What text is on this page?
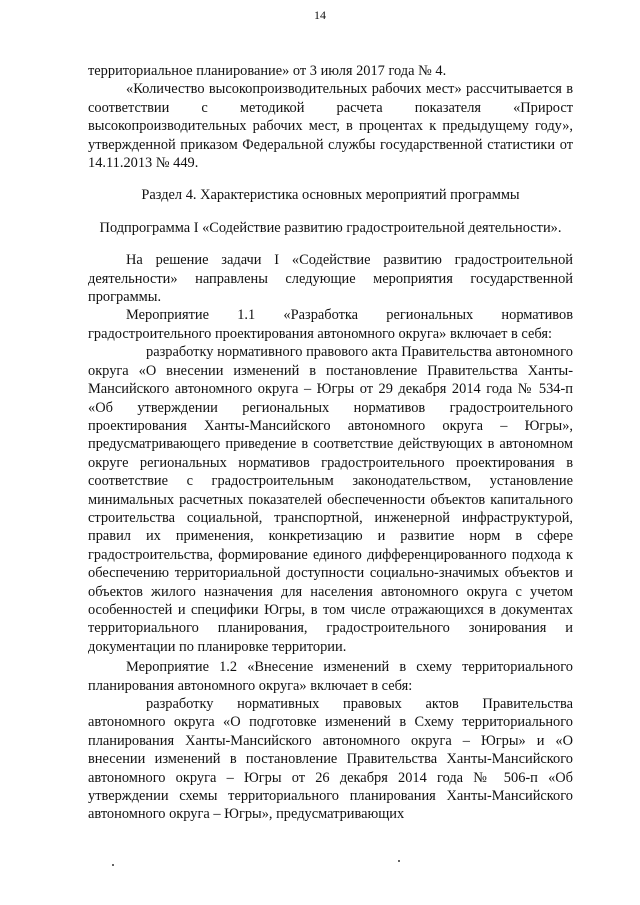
14

территориальное планирование» от 3 июля 2017 года № 4.

«Количество высокопроизводительных рабочих мест» рассчитывается в соответствии с методикой расчета показателя «Прирост высокопроизводительных рабочих мест, в процентах к предыдущему году», утвержденной приказом Федеральной службы государственной статистики от 14.11.2013 № 449.

Раздел 4. Характеристика основных мероприятий программы

Подпрограмма I «Содействие развитию градостроительной деятельности».

На решение задачи I «Содействие развитию градостроительной деятельности» направлены следующие мероприятия государственной программы.

Мероприятие 1.1 «Разработка региональных нормативов градостроительного проектирования автономного округа» включает в себя:

разработку нормативного правового акта Правительства автономного округа «О внесении изменений в постановление Правительства Ханты-Мансийского автономного округа – Югры от 29 декабря 2014 года № 534-п «Об утверждении региональных нормативов градостроительного проектирования Ханты-Мансийского автономного округа – Югры», предусматривающего приведение в соответствие действующих в автономном округе региональных нормативов градостроительного проектирования в соответствие с градостроительным законодательством, установление минимальных расчетных показателей обеспеченности объектов капитального строительства социальной, транспортной, инженерной инфраструктурой, правил их применения, конкретизацию и развитие норм в сфере градостроительства, формирование единого дифференцированного подхода к обеспечению территориальной доступности социально-значимых объектов и объектов жилого назначения для населения автономного округа с учетом особенностей и специфики Югры, в том числе отражающихся в документах территориального планирования, градостроительного зонирования и документации по планировке территории.

Мероприятие 1.2 «Внесение изменений в схему территориального планирования автономного округа» включает в себя:

разработку нормативных правовых актов Правительства автономного округа «О подготовке изменений в Схему территориального планирования Ханты-Мансийского автономного округа – Югры» и «О внесении изменений в постановление Правительства Ханты-Мансийского автономного округа – Югры от 26 декабря 2014 года № 506-п «Об утверждении схемы территориального планирования Ханты-Мансийского автономного округа – Югры», предусматривающих
